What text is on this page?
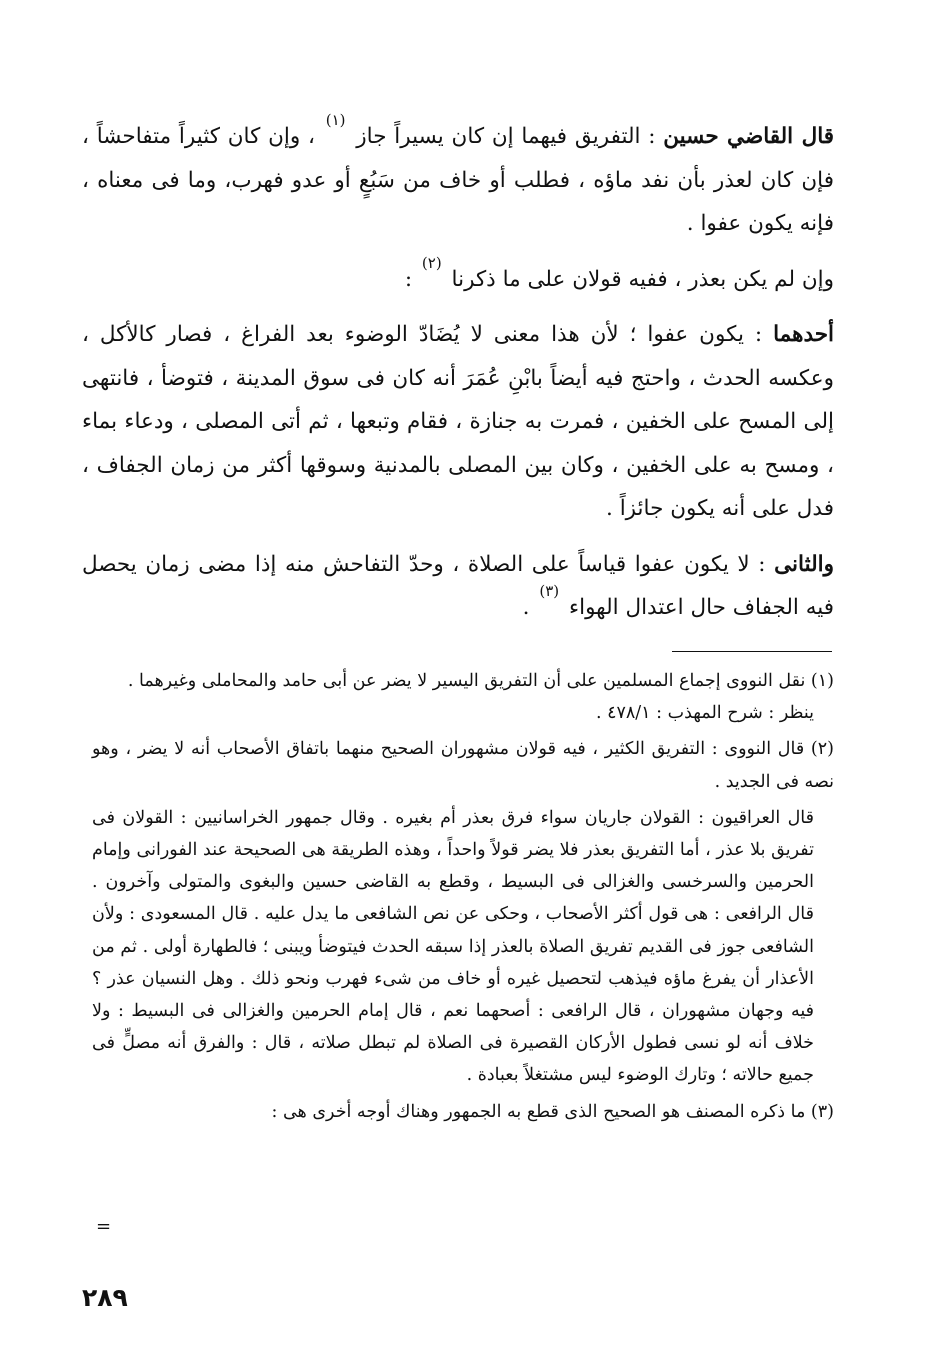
قال القاضي حسين : التفريق فيهما إن كان يسيراً جاز $^{(١)}$ ، وإن كان كثيراً متفاحشاً ، فإن كان لعذر بأن نفد ماؤه ، فطلب أو خاف من سَبُعٍ أو عدو فهرب، وما فى معناه ، فإنه يكون عفوا .

وإن لم يكن بعذر ، ففيه قولان على ما ذكرنا $^{(٢)}$ :

أحدهما : يكون عفوا ؛ لأن هذا معنى لا يُضَادّ الوضوء بعد الفراغ ، فصار كالأكل ، وعكسه الحدث ، واحتج فيه أيضاً بابْنِ عُمَرَ أنه كان فى سوق المدينة ، فتوضأ ، فانتهى إلى المسح على الخفين ، فمرت به جنازة ، فقام وتبعها ، ثم أتى المصلى ، ودعاء بماء ، ومسح به على الخفين ، وكان بين المصلى بالمدنية وسوقها أكثر من زمان الجفاف ، فدل على أنه يكون جائزاً .

والثانى : لا يكون عفوا قياساً على الصلاة ، وحدّ التفاحش منه إذا مضى زمان يحصل فيه الجفاف حال اعتدال الهواء $^{(٣)}$ .

(١) نقل النووى إجماع المسلمين على أن التفريق اليسير لا يضر عن أبى حامد والمحاملى وغيرهما .

ينظر : شرح المهذب : ٤٧٨/١ .

(٢) قال النووى : التفريق الكثير ، فيه قولان مشهوران الصحيح منهما باتفاق الأصحاب أنه لا يضر ، وهو نصه فى الجديد .

قال العراقيون : القولان جاريان سواء فرق بعذر أم بغيره . وقال جمهور الخراسانيين : القولان فى تفريق بلا عذر ، أما التفريق بعذر فلا يضر قولاً واحداً ، وهذه الطريقة هى الصحيحة عند الفورانى وإمام الحرمين والسرخسى والغزالى فى البسيط ، وقطع به القاضى حسين والبغوى والمتولى وآخرون . قال الرافعى : هى قول أكثر الأصحاب ، وحكى عن نص الشافعى ما يدل عليه . قال المسعودى : ولأن الشافعى جوز فى القديم تفريق الصلاة بالعذر إذا سبقه الحدث فيتوضأ ويبنى ؛ فالطهارة أولى . ثم من الأعذار أن يفرغ ماؤه فيذهب لتحصيل غيره أو خاف من شىء فهرب ونحو ذلك . وهل النسيان عذر ؟ فيه وجهان مشهوران ، قال الرافعى : أصحهما نعم ، قال إمام الحرمين والغزالى فى البسيط : ولا خلاف أنه لو نسى فطول الأركان القصيرة فى الصلاة لم تبطل صلاته ، قال : والفرق أنه مصلٍّ فى جميع حالاته ؛ وتارك الوضوء ليس مشتغلاً بعبادة .

(٣) ما ذكره المصنف هو الصحيح الذى قطع به الجمهور وهناك أوجه أخرى هى :

=
٢٨٩
